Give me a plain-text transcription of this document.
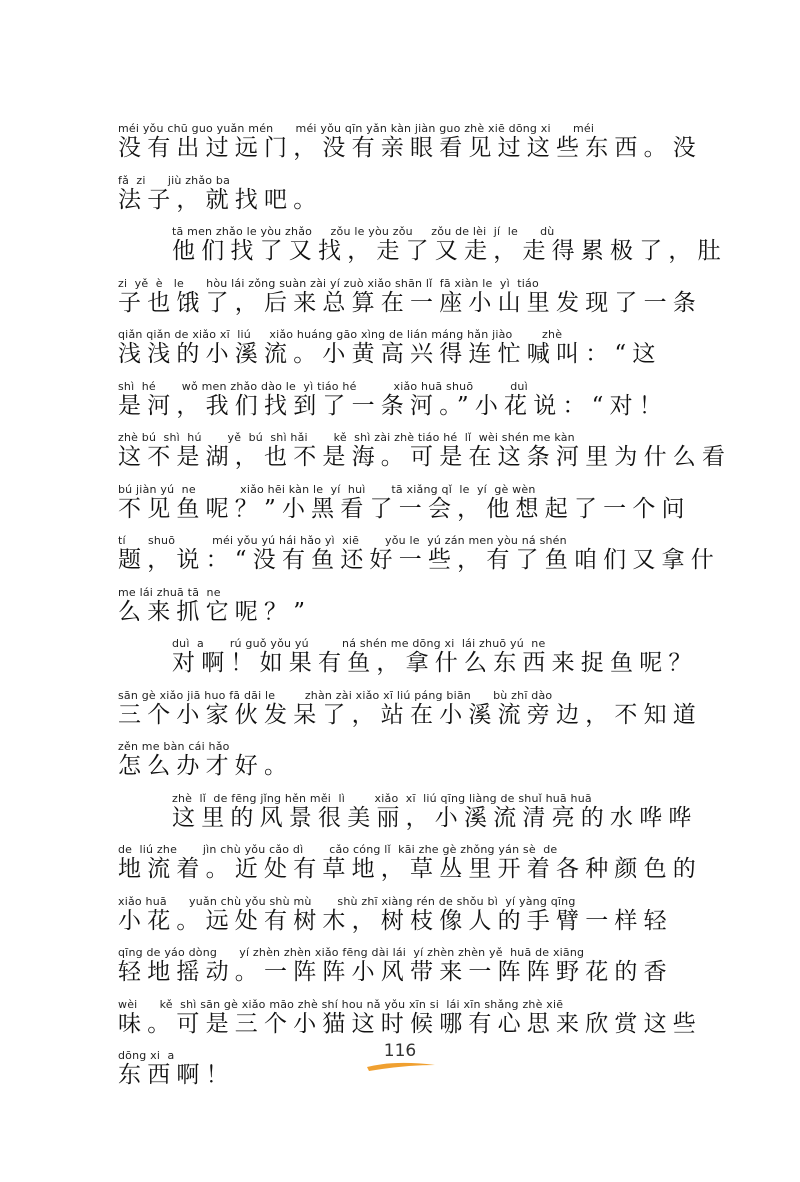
méi yǒu chū guo yuǎn mén      méi yǒu qīn yǎn kàn jiàn guo zhè xiē dōng xi      méi
没有出过远门，没有亲眼看见过这些东西。没
fǎ  zi      jiù zhǎo ba
法子，就找吧。
tā men zhǎo le yòu zhǎo     zǒu le yòu zǒu     zǒu de lèi  jí  le      dù
他们找了又找，走了又走，走得累极了，肚
zi  yě  è   le      hòu lái zǒng suàn zài yí zuò xiǎo shān lǐ  fā xiàn le  yì  tiáo
子也饿了，后来总算在一座小山里发现了一条
qiǎn qiǎn de xiǎo xī  liú     xiǎo huáng gāo xìng de lián máng hǎn jiào        zhè
浅浅的小溪流。小黄高兴得连忙喊叫：“这
shì  hé       wǒ men zhǎo dào le  yì tiáo hé          xiǎo huā shuō          duì
是河，我们找到了一条河。”小花说：“对！
zhè bú  shì  hú       yě  bú  shì hǎi       kě  shì zài zhè tiáo hé  lǐ  wèi shén me kàn
这不是湖，也不是海。可是在这条河里为什么看
bú jiàn yú  ne            xiǎo hēi kàn le  yí  huì       tā xiǎng qǐ  le  yí  gè wèn
不见鱼呢？”小黑看了一会，他想起了一个问
tí      shuō          méi yǒu yú hái hǎo yì  xiē       yǒu le  yú zán men yòu ná shén
题，说：“没有鱼还好一些，有了鱼咱们又拿什
me lái zhuā tā  ne
么来抓它呢？”
duì  a       rú guǒ yǒu yú         ná shén me dōng xi  lái zhuō yú  ne
对啊！如果有鱼，拿什么东西来捉鱼呢？
sān gè xiǎo jiā huo fā dāi le        zhàn zài xiǎo xī liú páng biān      bù zhī dào
三个小家伙发呆了，站在小溪流旁边，不知道
zěn me bàn cái hǎo
怎么办才好。
zhè  lǐ  de fēng jǐng hěn měi  lì        xiǎo  xī  liú qīng liàng de shuǐ huā huā
这里的风景很美丽，小溪流清亮的水哗哗
de  liú zhe       jìn chù yǒu cǎo dì       cǎo cóng lǐ  kāi zhe gè zhǒng yán sè  de
地流着。近处有草地，草丛里开着各种颜色的
xiǎo huā      yuǎn chù yǒu shù mù       shù zhī xiàng rén de shǒu bì  yí yàng qīng
小花。远处有树木，树枝像人的手臂一样轻
qīng de yáo dòng      yí zhèn zhèn xiǎo fēng dài lái  yí zhèn zhèn yě  huā de xiāng
轻地摇动。一阵阵小风带来一阵阵野花的香
wèi      kě  shì sān gè xiǎo māo zhè shí hou nǎ yǒu xīn si  lái xīn shǎng zhè xiē
味。可是三个小猫这时候哪有心思来欣赏这些
dōng xi  a
东西啊！
116
